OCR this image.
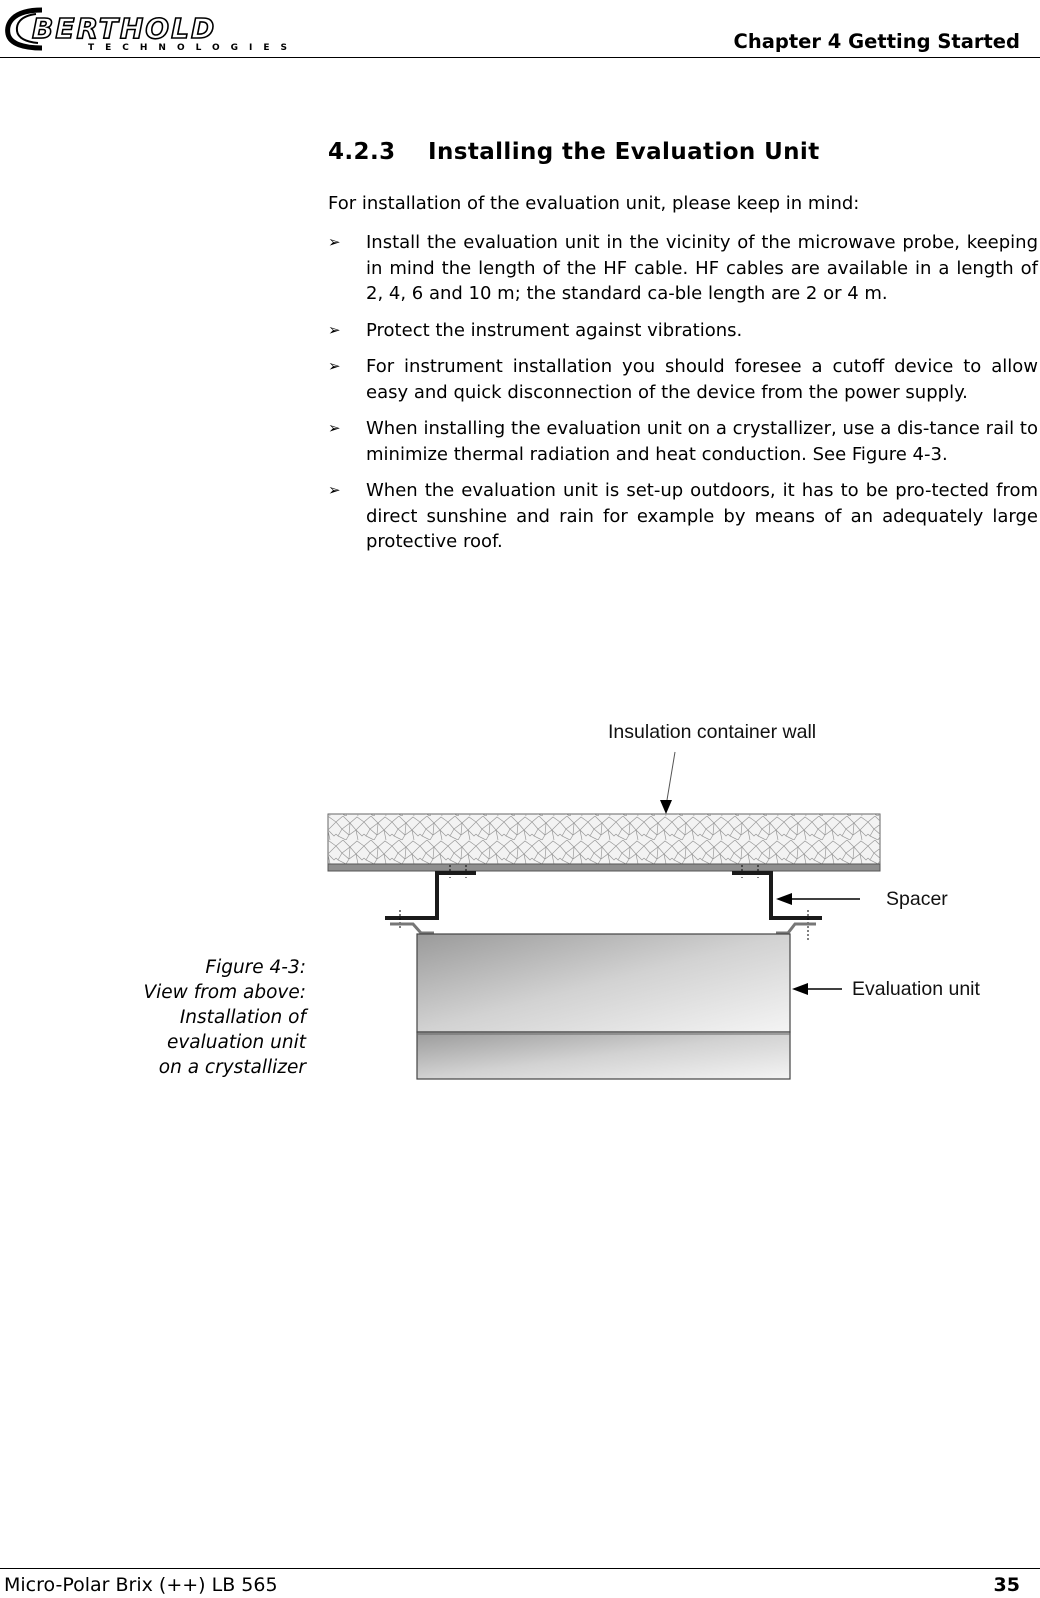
BERTHOLD
TECHNOLOGIES	Chapter 4 Getting Started
4.2.3 Installing the Evaluation Unit
For installation of the evaluation unit, please keep in mind:
➢ Install the evaluation unit in the vicinity of the microwave probe, keeping in mind the length of the HF cable. HF cables are available in a length of 2, 4, 6 and 10 m; the standard ca-ble length are 2 or 4 m.
➢ Protect the instrument against vibrations.
➢ For instrument installation you should foresee a cutoff device to allow easy and quick disconnection of the device from the power supply.
➢ When installing the evaluation unit on a crystallizer, use a dis-tance rail to minimize thermal radiation and heat conduction. See Figure 4-3.
➢ When the evaluation unit is set-up outdoors, it has to be pro-tected from direct sunshine and rain for example by means of an adequately large protective roof.
Insulation container wall
Spacer
Evaluation unit
Figure 4-3:
View from above:
Installation of
evaluation unit
on a crystallizer
Micro-Polar Brix (++) LB 565	35
